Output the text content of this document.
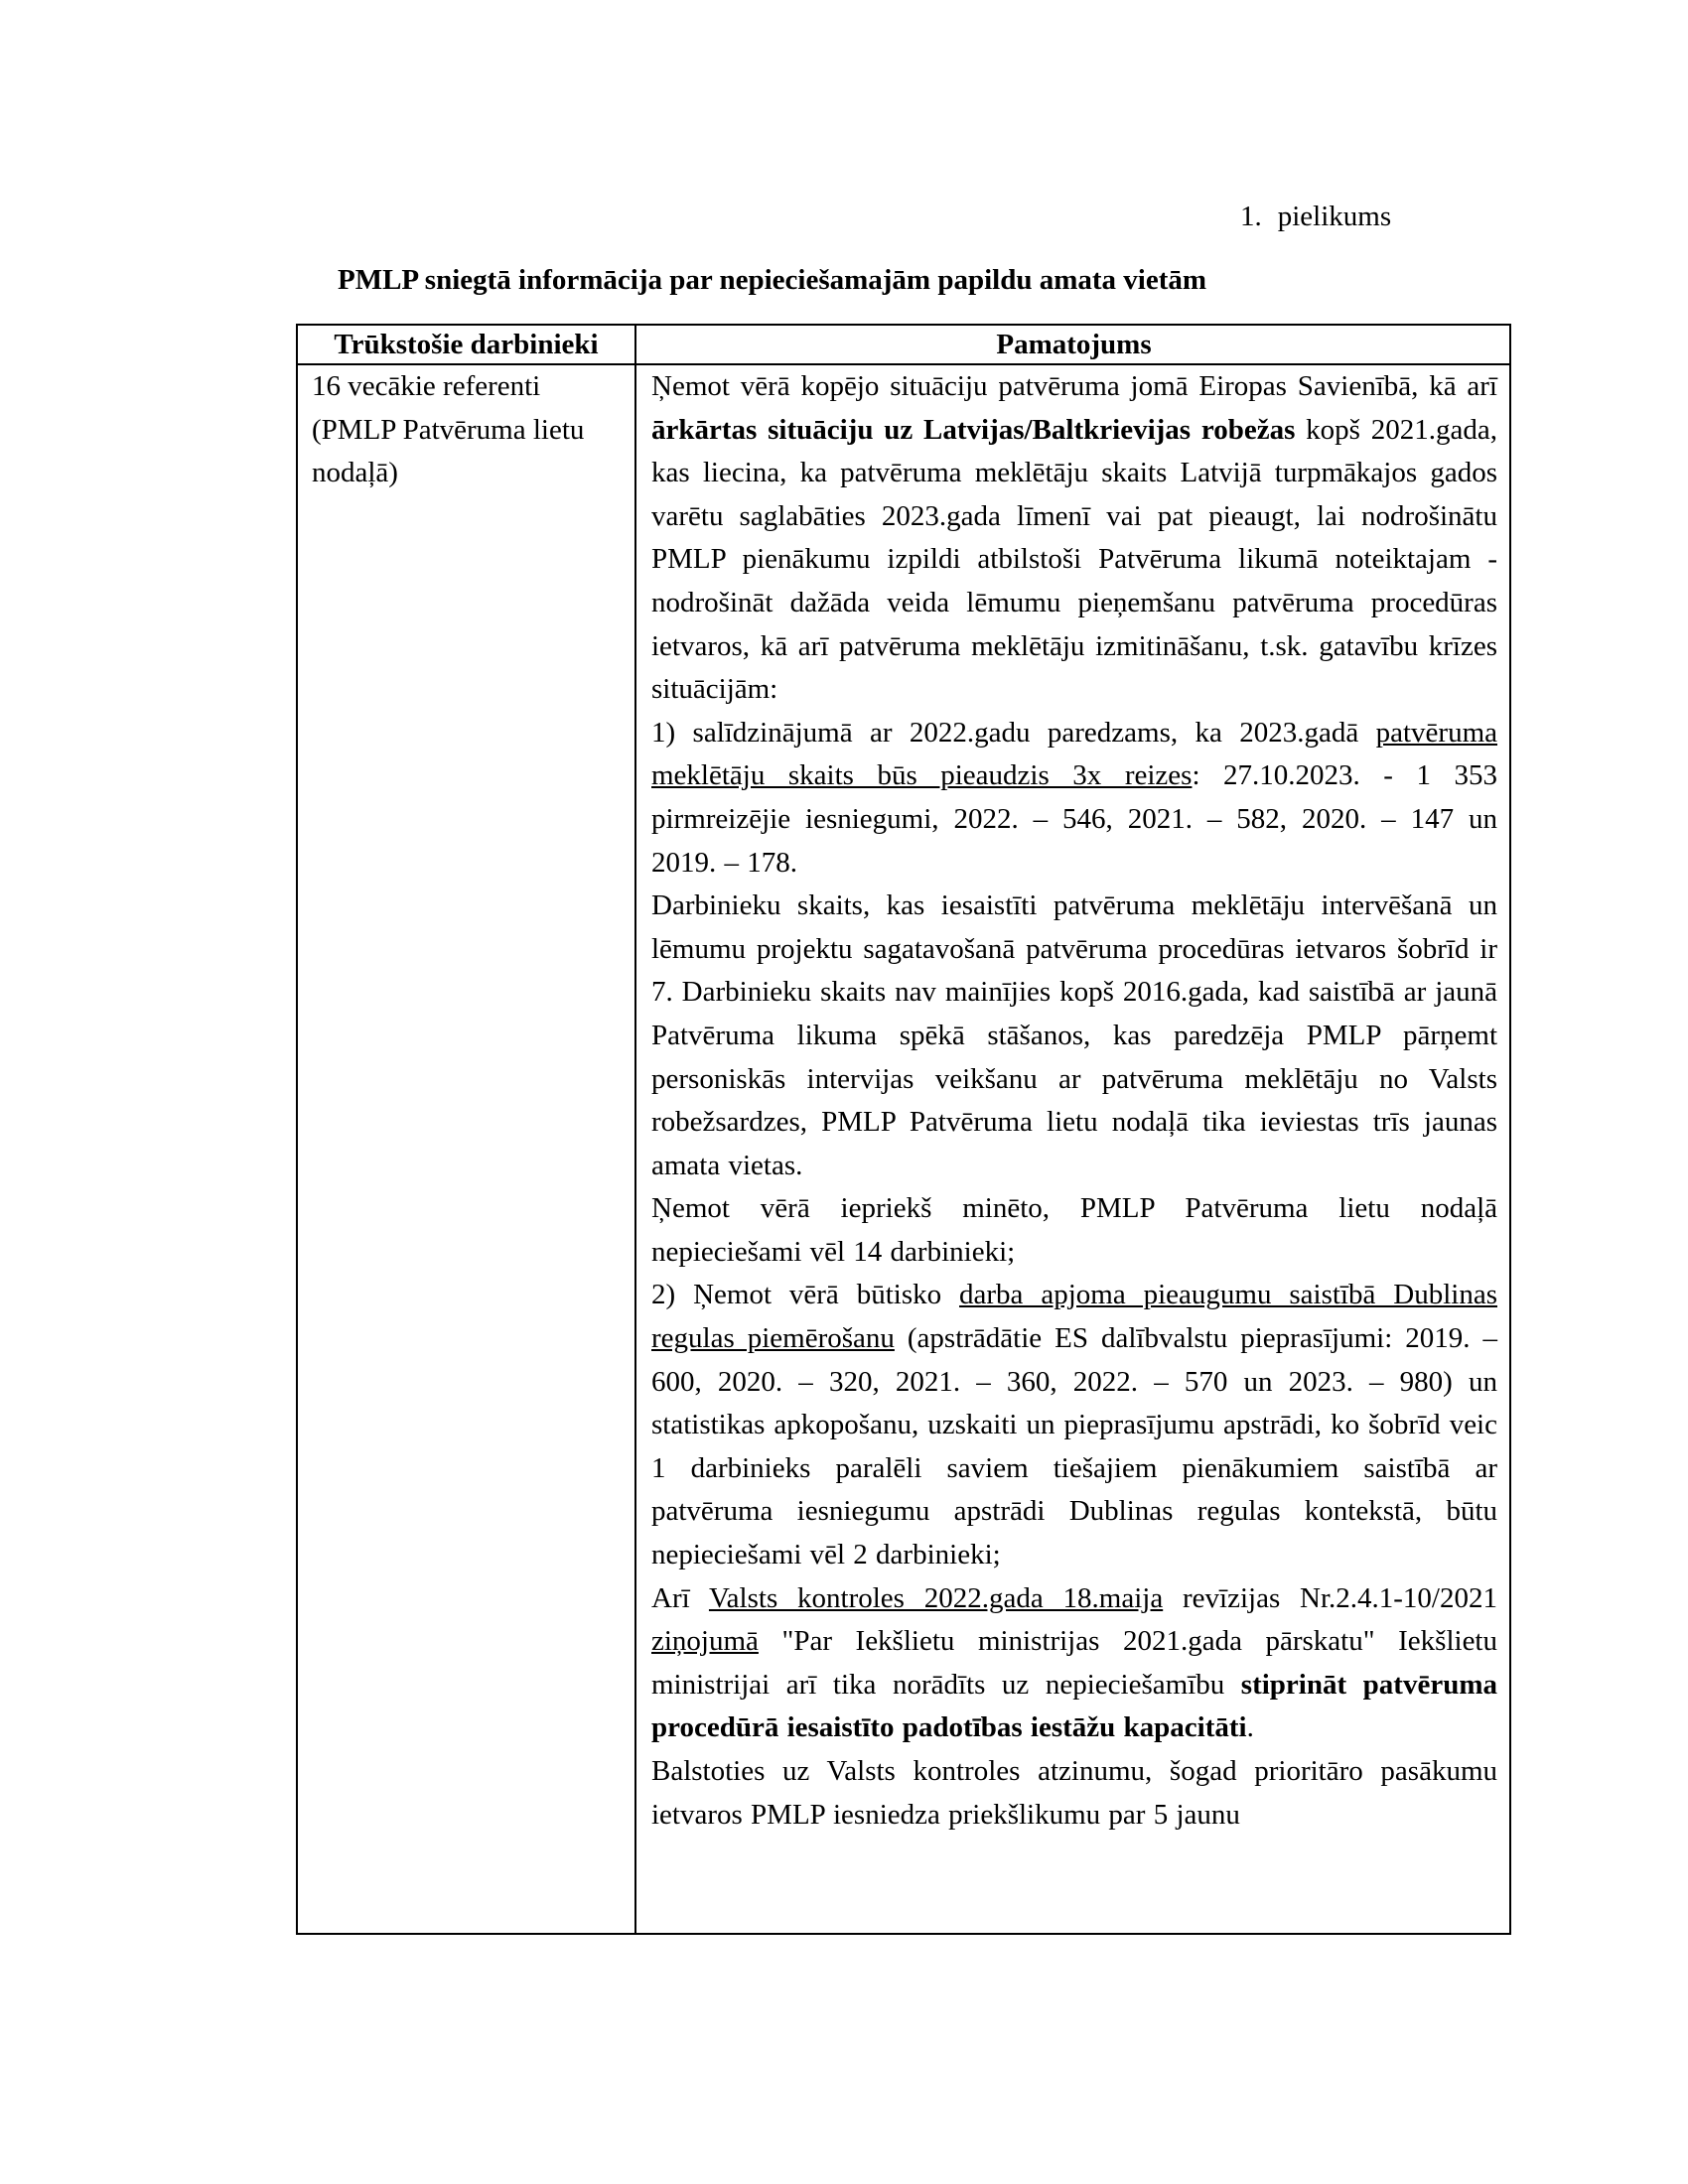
1. pielikums
PMLP sniegtā informācija par nepieciešamajām papildu amata vietām
Trūkstošie darbinieki	Pamatojums
16 vecākie referenti (PMLP Patvēruma lietu nodaļā)

Ņemot vērā kopējo situāciju patvēruma jomā Eiropas Savienībā, kā arī ārkārtas situāciju uz Latvijas/Baltkrievijas robežas kopš 2021.gada, kas liecina, ka patvēruma meklētāju skaits Latvijā turpmākajos gados varētu saglabāties 2023.gada līmenī vai pat pieaugt, lai nodrošinātu PMLP pienākumu izpildi atbilstoši Patvēruma likumā noteiktajam - nodrošināt dažāda veida lēmumu pieņemšanu patvēruma procedūras ietvaros, kā arī patvēruma meklētāju izmitināšanu, t.sk. gatavību krīzes situācijām:

1) salīdzinājumā ar 2022.gadu paredzams, ka 2023.gadā patvēruma meklētāju skaits būs pieaudzis 3x reizes: 27.10.2023. - 1 353 pirmreizējie iesniegumi, 2022. – 546, 2021. – 582, 2020. – 147 un 2019. – 178.

Darbinieku skaits, kas iesaistīti patvēruma meklētāju intervēšanā un lēmumu projektu sagatavošanā patvēruma procedūras ietvaros šobrīd ir 7. Darbinieku skaits nav mainījies kopš 2016.gada, kad saistībā ar jaunā Patvēruma likuma spēkā stāšanos, kas paredzēja PMLP pārņemt personiskās intervijas veikšanu ar patvēruma meklētāju no Valsts robežsardzes, PMLP Patvēruma lietu nodaļā tika ieviestas trīs jaunas amata vietas.

Ņemot vērā iepriekš minēto, PMLP Patvēruma lietu nodaļā nepieciešami vēl 14 darbinieki;

2) Ņemot vērā būtisko darba apjoma pieaugumu saistībā Dublinas regulas piemērošanu (apstrādātie ES dalībvalstu pieprasījumi: 2019. – 600, 2020. – 320, 2021. – 360, 2022. – 570 un 2023. – 980) un statistikas apkopošanu, uzskaiti un pieprasījumu apstrādi, ko šobrīd veic 1 darbinieks paralēli saviem tiešajiem pienākumiem saistībā ar patvēruma iesniegumu apstrādi Dublinas regulas kontekstā, būtu nepieciešami vēl 2 darbinieki;

Arī Valsts kontroles 2022.gada 18.maija revīzijas Nr.2.4.1-10/2021 ziņojumā "Par Iekšlietu ministrijas 2021.gada pārskatu" Iekšlietu ministrijai arī tika norādīts uz nepieciešamību stiprināt patvēruma procedūrā iesaistīto padotības iestāžu kapacitāti.

Balstoties uz Valsts kontroles atzinumu, šogad prioritāro pasākumu ietvaros PMLP iesniedza priekšlikumu par 5 jaunu
